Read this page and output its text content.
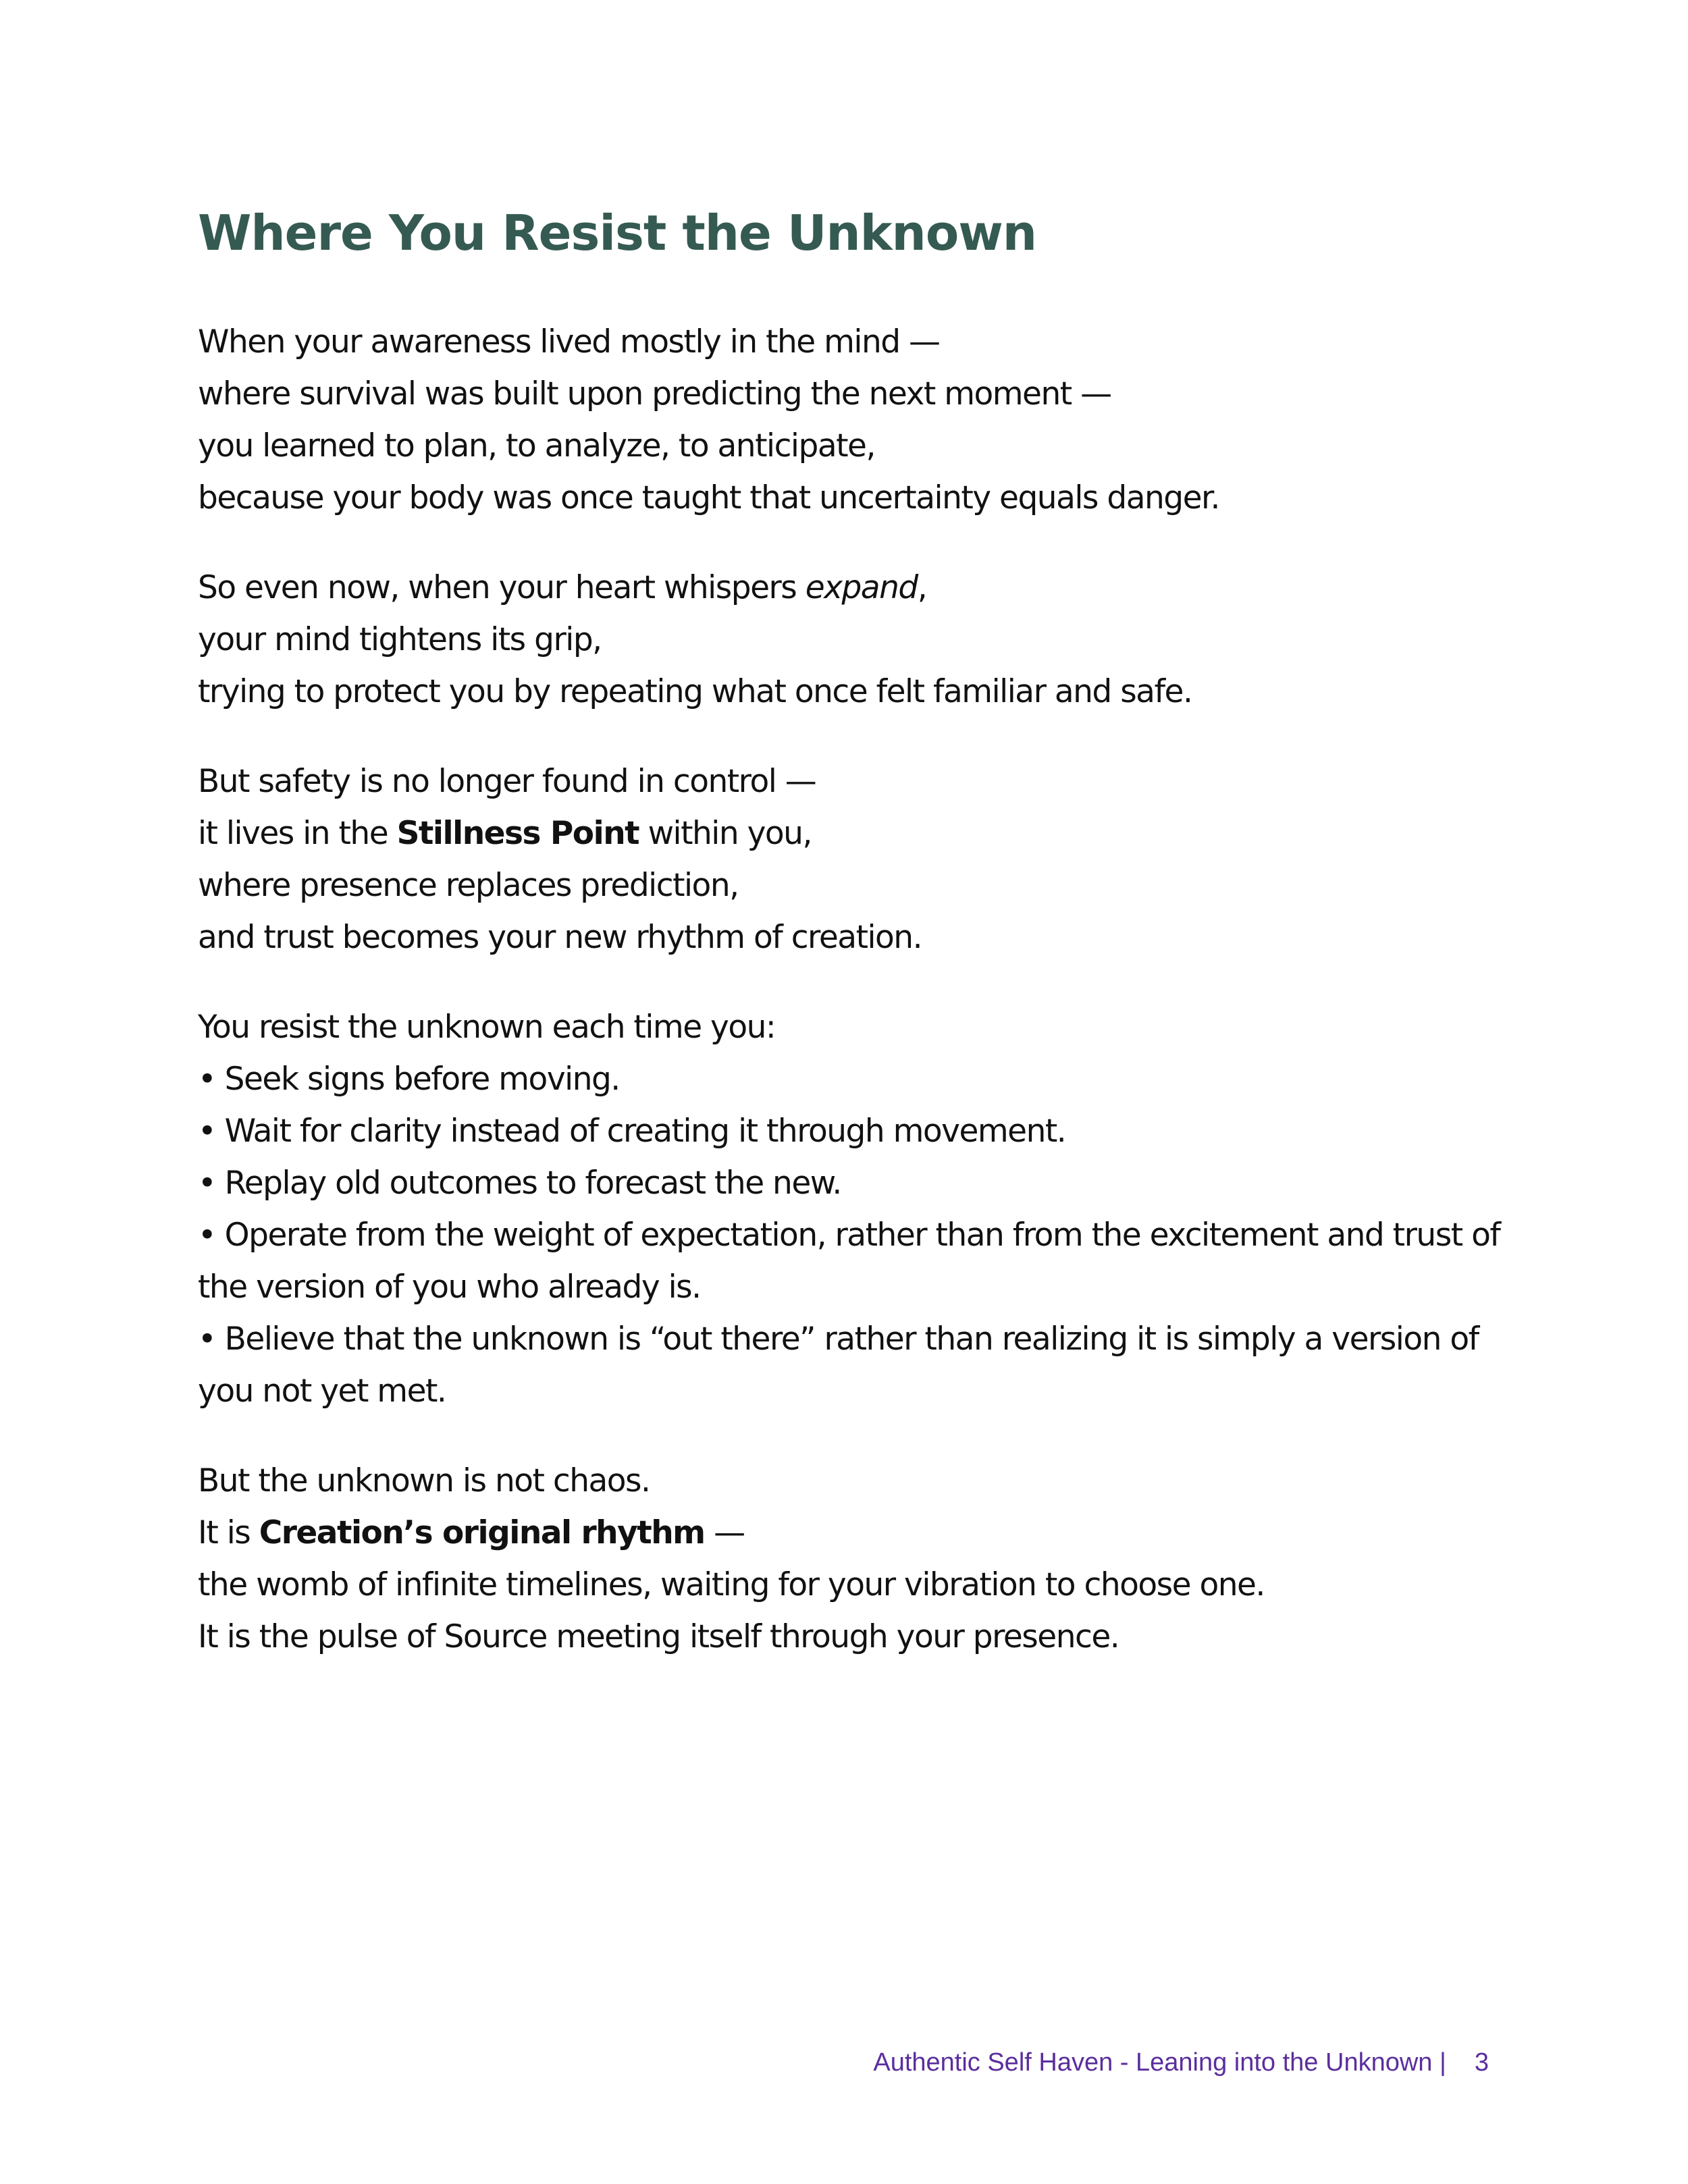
Where You Resist the Unknown
When your awareness lived mostly in the mind —
where survival was built upon predicting the next moment —
you learned to plan, to analyze, to anticipate,
because your body was once taught that uncertainty equals danger.
So even now, when your heart whispers expand,
your mind tightens its grip,
trying to protect you by repeating what once felt familiar and safe.
But safety is no longer found in control —
it lives in the Stillness Point within you,
where presence replaces prediction,
and trust becomes your new rhythm of creation.
You resist the unknown each time you:
• Seek signs before moving.
• Wait for clarity instead of creating it through movement.
• Replay old outcomes to forecast the new.
• Operate from the weight of expectation, rather than from the excitement and trust of the version of you who already is.
• Believe that the unknown is “out there” rather than realizing it is simply a version of you not yet met.
But the unknown is not chaos.
It is Creation’s original rhythm —
the womb of infinite timelines, waiting for your vibration to choose one.
It is the pulse of Source meeting itself through your presence.
Authentic Self Haven - Leaning into the Unknown | 3
